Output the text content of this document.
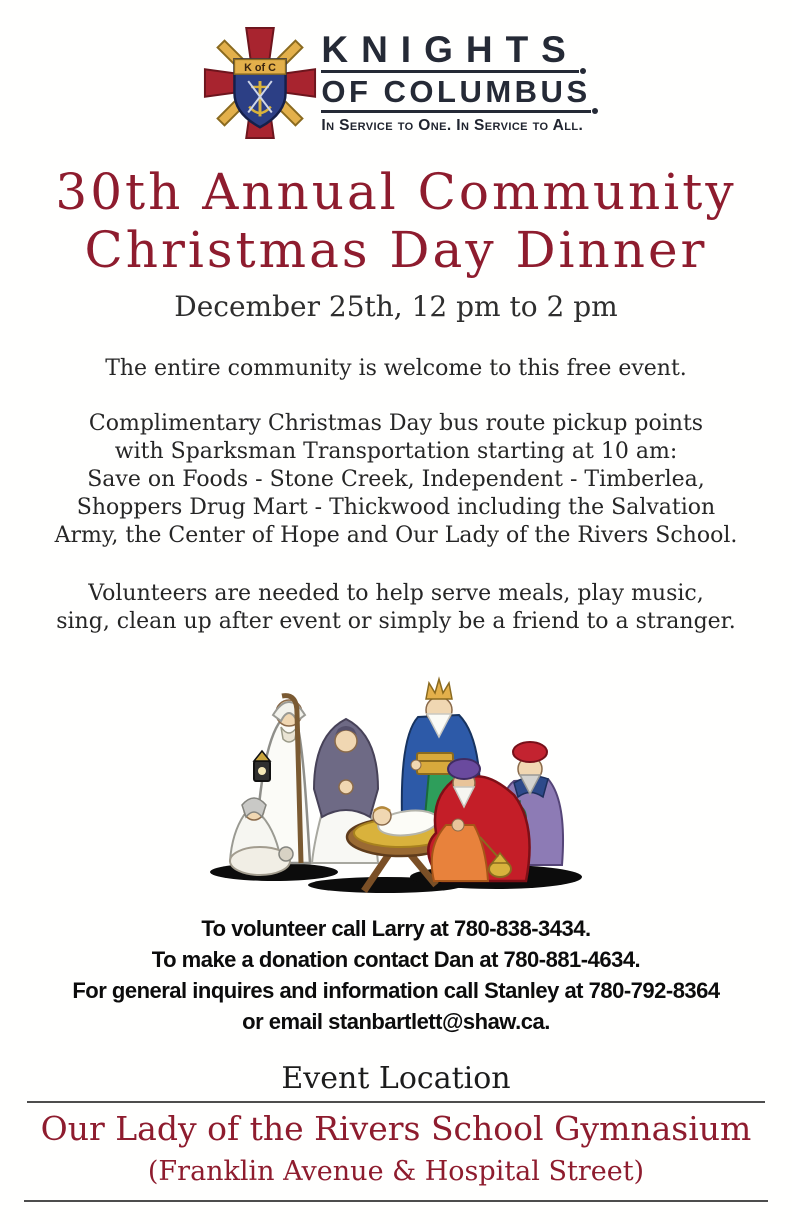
K of C KNIGHTS
OF COLUMBUS
In Service to One. In Service to All.
30th Annual Community
Christmas Day Dinner
December 25th, 12 pm to 2 pm
The entire community is welcome to this free event.
Complimentary Christmas Day bus route pickup points
with Sparksman Transportation starting at 10 am:
Save on Foods - Stone Creek, Independent - Timberlea,
Shoppers Drug Mart - Thickwood including the Salvation
Army, the Center of Hope and Our Lady of the Rivers School.
Volunteers are needed to help serve meals, play music,
sing, clean up after event or simply be a friend to a stranger.
To volunteer call Larry at 780-838-3434.
To make a donation contact Dan at 780-881-4634.
For general inquires and information call Stanley at 780-792-8364
or email stanbartlett@shaw.ca.
Event Location
Our Lady of the Rivers School Gymnasium
(Franklin Avenue & Hospital Street)
